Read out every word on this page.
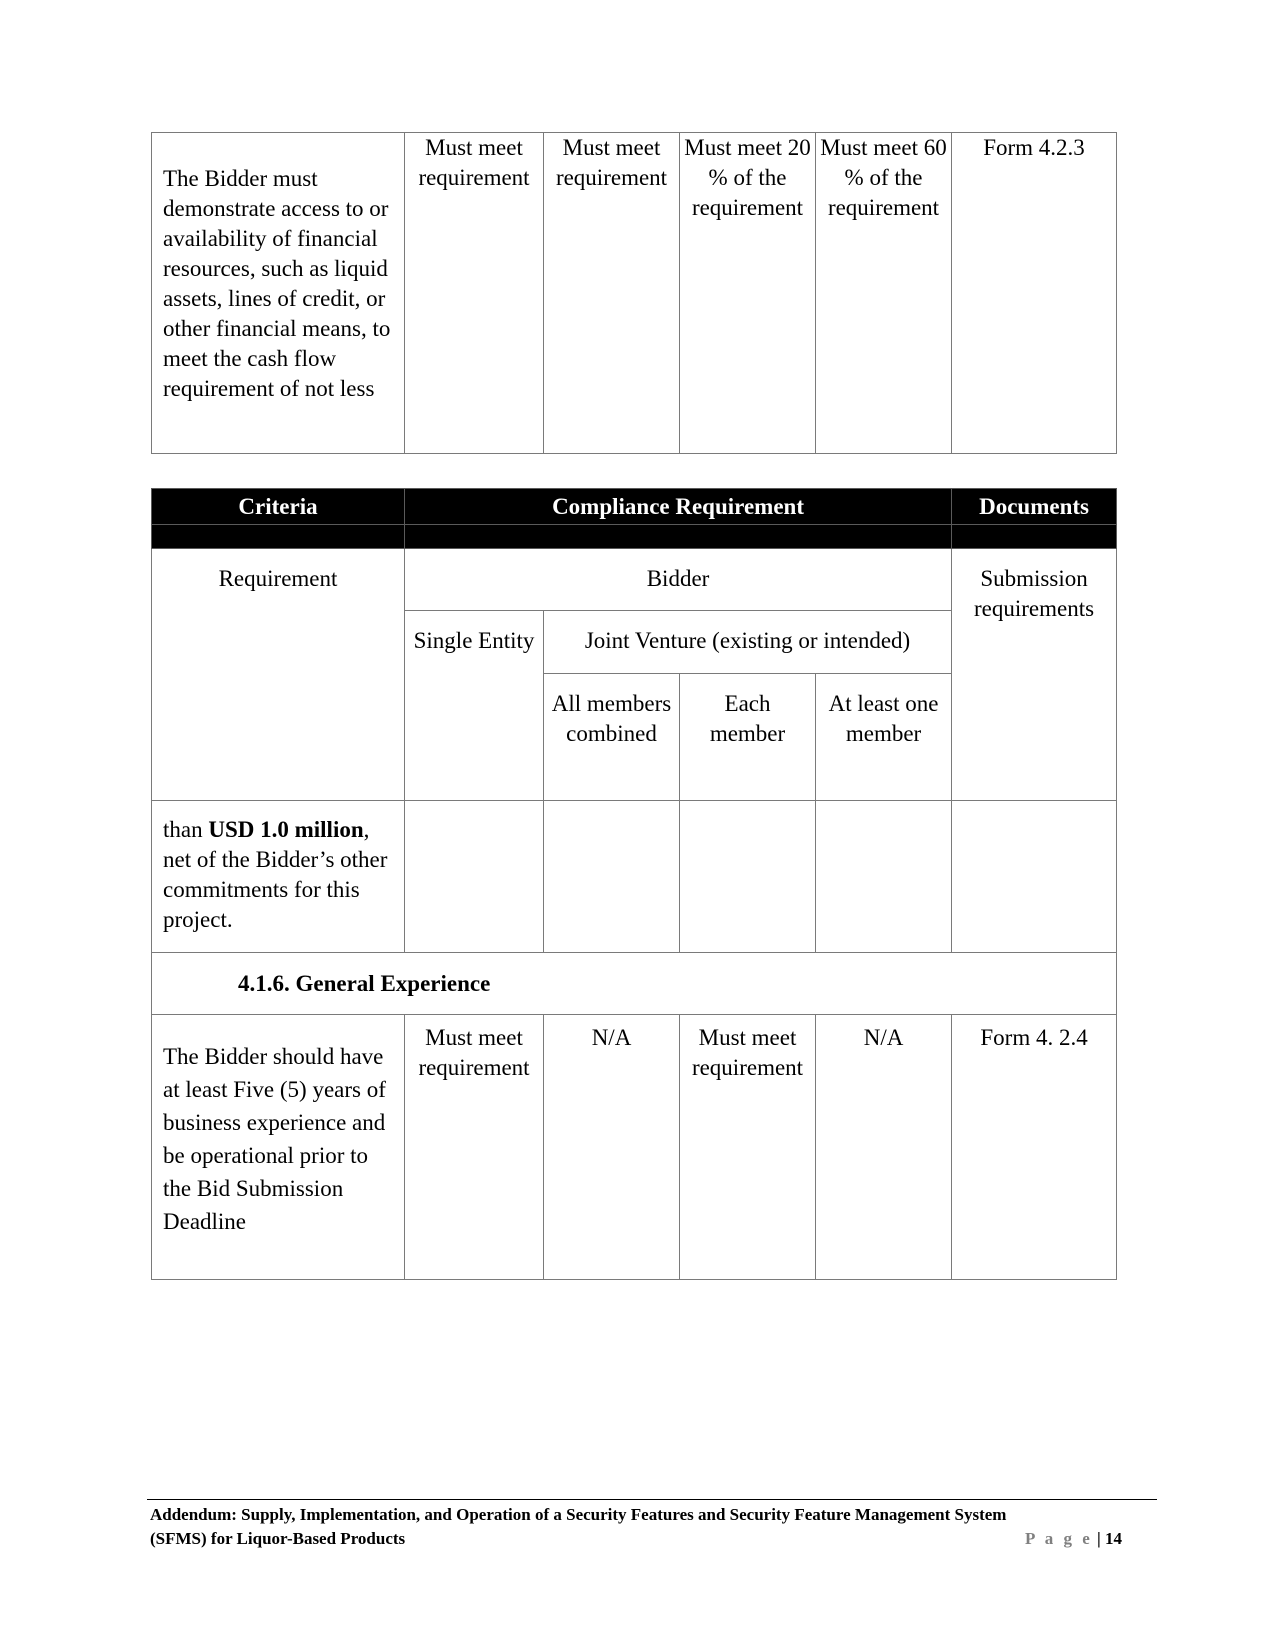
The Bidder must demonstrate access to or availability of financial resources, such as liquid assets, lines of credit, or other financial means, to meet the cash flow requirement of not less	Must meet requirement	Must meet requirement	Must meet 20 % of the requirement	Must meet 60 % of the requirement	Form 4.2.3
Criteria	Compliance Requirement				Documents

Requirement	Bidder				Submission requirements
	Single Entity	Joint Venture (existing or intended)			
		All members combined	Each member	At least one member	
than USD 1.0 million, net of the Bidder’s other commitments for this project.					
4.1.6. General Experience					
The Bidder should have at least Five (5) years of business experience and be operational prior to the Bid Submission Deadline	Must meet requirement	N/A	Must meet requirement	N/A	Form 4. 2.4
Addendum: Supply, Implementation, and Operation of a Security Features and Security Feature Management System
(SFMS) for Liquor-Based Products	P a g e | 14
